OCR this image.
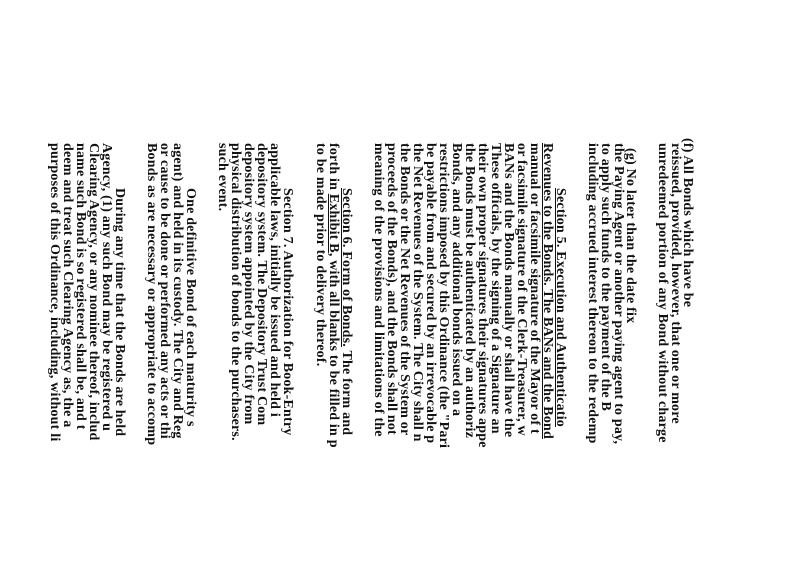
(f) All Bonds which have be
reissued, provided, however, that one or more
unredeemed portion of any Bond without charge
(g) No later than the date fix
the Paying Agent or another paying agent to pay,
to apply such funds to the payment of the B
including accrued interest thereon to the redemp
Section 5. Execution and Authenticatio
Revenues to the Bonds. The BANs and the Bond
manual or facsimile signature of the Mayor of t
or facsimile signature of the Clerk-Treasurer, w
BANs and the Bonds manually or shall have the
These officials, by the signing of a Signature an
their own proper signatures their signatures appe
the Bonds must be authenticated by an authoriz
Bonds, and any additional bonds issued on a
restrictions imposed by this Ordinance (the "Pari
be payable from and secured by an irrevocable p
the Net Revenues of the System. The City shall n
the Bonds or the Net Revenues of the System or
proceeds of the Bonds), and the Bonds shall not
meaning of the provisions and limitations of the
Section 6. Form of Bonds. The form and
forth in Exhibit B, with all blanks to be filled in p
to be made prior to delivery thereof.
Section 7. Authorization for Book-Entry
applicable laws, initially be issued and held i
depository system. The Depository Trust Com
depository system appointed by the City from
physical distribution of bonds to the purchasers.
such event.
One definitive Bond of each maturity s
agent) and held in its custody. The City and Reg
or cause to be done or performed any acts or thi
Bonds as are necessary or appropriate to accomp
During any time that the Bonds are held
Agency, (1) any such Bond may be registered u
Clearing Agency, or any nominee thereof, includ
name such Bond is so registered shall be, and t
deem and treat such Clearing Agency as, the a
purposes of this Ordinance, including, without li
